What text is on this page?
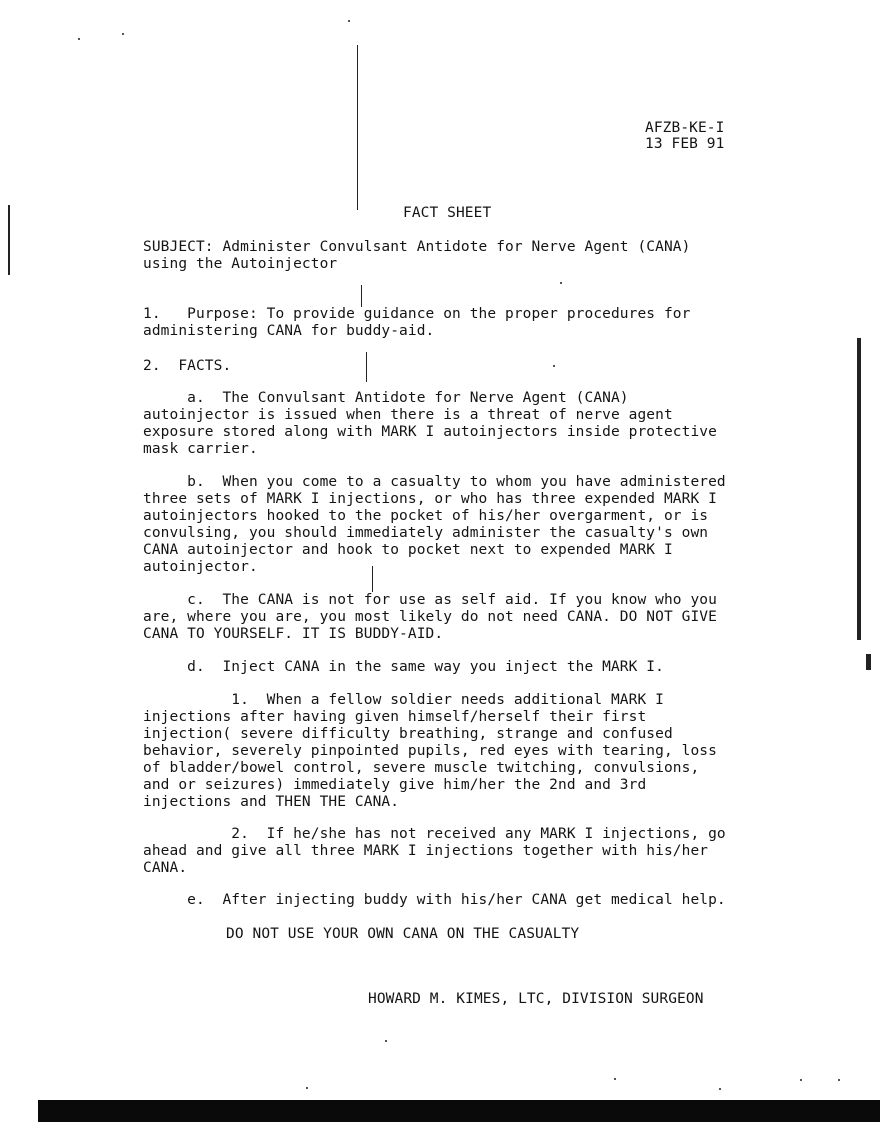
AFZB-KE-I
13 FEB 91
FACT SHEET
SUBJECT: Administer Convulsant Antidote for Nerve Agent (CANA)
using the Autoinjector
1.   Purpose: To provide guidance on the proper procedures for
administering CANA for buddy-aid.
2.  FACTS.
a.  The Convulsant Antidote for Nerve Agent (CANA)
autoinjector is issued when there is a threat of nerve agent
exposure stored along with MARK I autoinjectors inside protective
mask carrier.
b.  When you come to a casualty to whom you have administered
three sets of MARK I injections, or who has three expended MARK I
autoinjectors hooked to the pocket of his/her overgarment, or is
convulsing, you should immediately administer the casualty's own
CANA autoinjector and hook to pocket next to expended MARK I
autoinjector.
c.  The CANA is not for use as self aid. If you know who you
are, where you are, you most likely do not need CANA. DO NOT GIVE
CANA TO YOURSELF. IT IS BUDDY-AID.
d.  Inject CANA in the same way you inject the MARK I.
1.  When a fellow soldier needs additional MARK I
injections after having given himself/herself their first
injection( severe difficulty breathing, strange and confused
behavior, severely pinpointed pupils, red eyes with tearing, loss
of bladder/bowel control, severe muscle twitching, convulsions,
and or seizures) immediately give him/her the 2nd and 3rd
injections and THEN THE CANA.
2.  If he/she has not received any MARK I injections, go
ahead and give all three MARK I injections together with his/her
CANA.
e.  After injecting buddy with his/her CANA get medical help.
DO NOT USE YOUR OWN CANA ON THE CASUALTY
HOWARD M. KIMES, LTC, DIVISION SURGEON
